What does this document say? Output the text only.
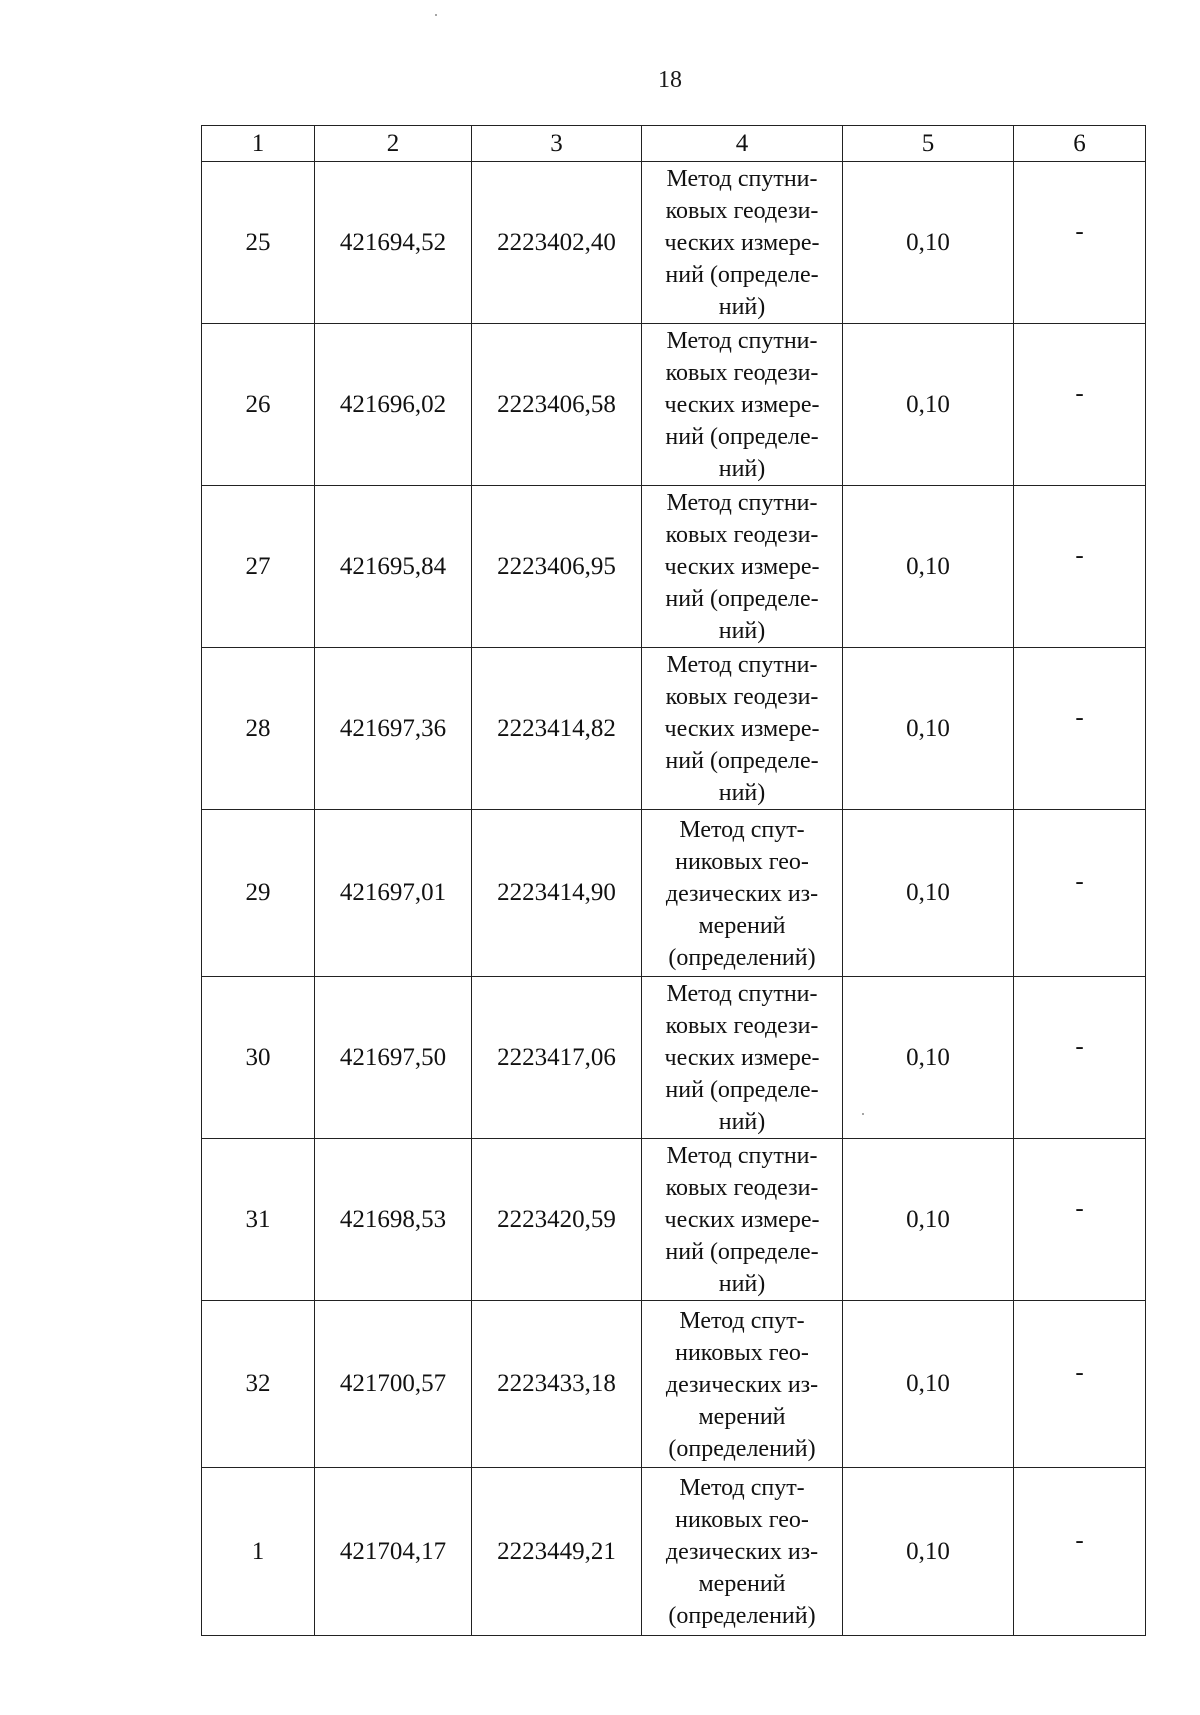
18
1	2	3	4	5	6
25	421694,52	2223402,40	Метод спутни-
ковых геодези-
ческих измере-
ний (определе-
ний)	0,10	-
26	421696,02	2223406,58	Метод спутни-
ковых геодези-
ческих измере-
ний (определе-
ний)	0,10	-
27	421695,84	2223406,95	Метод спутни-
ковых геодези-
ческих измере-
ний (определе-
ний)	0,10	-
28	421697,36	2223414,82	Метод спутни-
ковых геодези-
ческих измере-
ний (определе-
ний)	0,10	-
29	421697,01	2223414,90	Метод спут-
никовых гео-
дезических из-
мерений
(определений)	0,10	-
30	421697,50	2223417,06	Метод спутни-
ковых геодези-
ческих измере-
ний (определе-
ний)	0,10	-
31	421698,53	2223420,59	Метод спутни-
ковых геодези-
ческих измере-
ний (определе-
ний)	0,10	-
32	421700,57	2223433,18	Метод спут-
никовых гео-
дезических из-
мерений
(определений)	0,10	-
1	421704,17	2223449,21	Метод спут-
никовых гео-
дезических из-
мерений
(определений)	0,10	-
